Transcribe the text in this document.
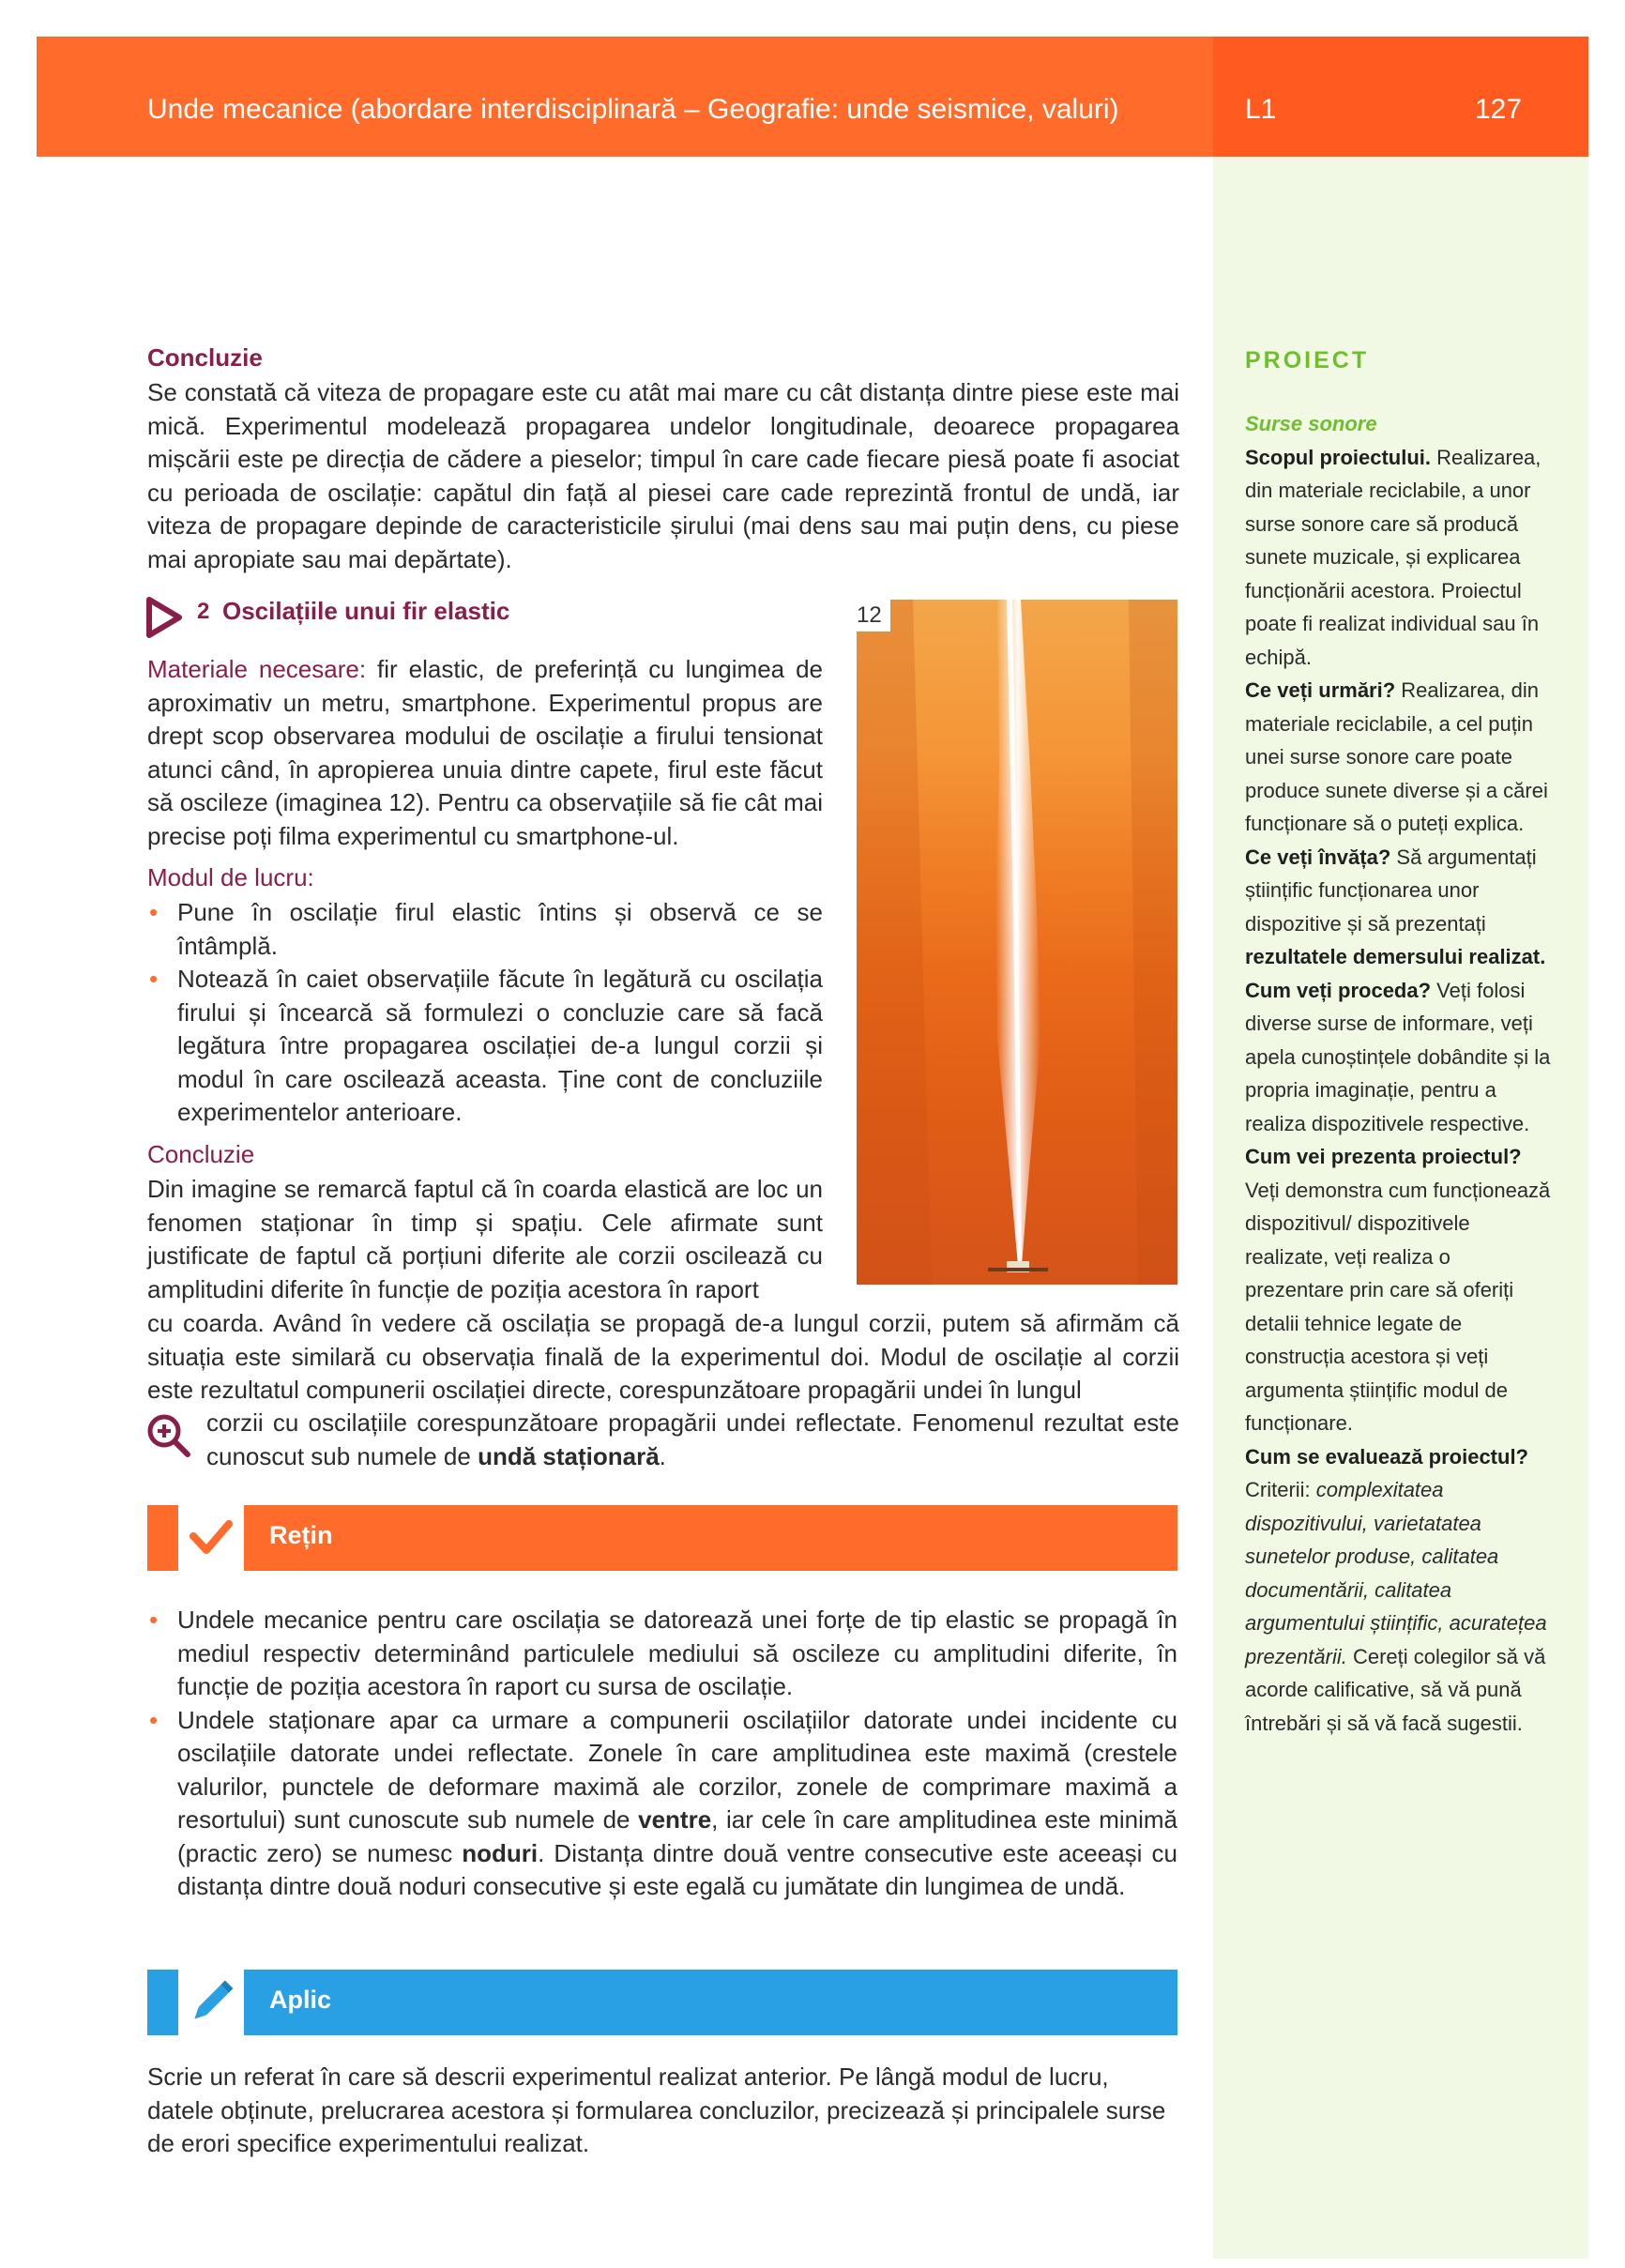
Unde mecanice (abordare interdisciplinară – Geografie: unde seismice, valuri)	L1	127
PROIECT

Surse sonore

Scopul proiectului. Realizarea, din materiale reciclabile, a unor surse sonore care să producă sunete muzicale, și explicarea funcționării acestora. Proiectul poate fi realizat individual sau în echipă.

Ce veți urmări? Realizarea, din materiale reciclabile, a cel puțin unei surse sonore care poate produce sunete diverse și a cărei funcționare să o puteți explica.

Ce veți învăța? Să argumentați științific funcționarea unor dispozitive și să prezentați rezultatele demersului realizat.

Cum veți proceda? Veți folosi diverse surse de informare, veți apela cunoștințele dobândite și la propria imaginație, pentru a realiza dispozitivele respective.

Cum vei prezenta proiectul? Veți demonstra cum funcționează dispozitivul/ dispozitivele realizate, veți realiza o prezentare prin care să oferiți detalii tehnice legate de construcția acestora și veți argumenta științific modul de funcționare.

Cum se evaluează proiectul? Criterii: complexitatea dispozitivului, varietatatea sunetelor produse, calitatea documentării, calitatea argumentului științific, acuratețea prezentării. Cereți colegilor să vă acorde calificative, să vă pună întrebări și să vă facă sugestii.

Concluzie
Se constată că viteza de propagare este cu atât mai mare cu cât distanța dintre piese este mai mică. Experimentul modelează propagarea undelor longitudinale, deoarece propagarea mișcării este pe direcția de cădere a pieselor; timpul în care cade fiecare piesă poate fi asociat cu perioada de oscilație: capătul din față al piesei care cade reprezintă frontul de undă, iar viteza de propagare depinde de caracteristicile șirului (mai dens sau mai puțin dens, cu piese mai apropiate sau mai depărtate).
2 Oscilațiile unui fir elastic
Materiale necesare: fir elastic, de preferință cu lungimea de aproximativ un metru, smartphone. Experimentul propus are drept scop observarea modului de oscilație a firului tensionat atunci când, în apropierea unuia dintre capete, firul este făcut să oscileze (imaginea 12). Pentru ca observațiile să fie cât mai precise poți filma experimentul cu smartphone-ul.
Modul de lucru:
• Pune în oscilație firul elastic întins și observă ce se întâmplă.
• Notează în caiet observațiile făcute în legătură cu oscilația firului și încearcă să formulezi o concluzie care să facă legătura între propagarea oscilației de-a lungul corzii și modul în care oscilează aceasta. Ține cont de concluziile experimentelor anterioare.
Concluzie
Din imagine se remarcă faptul că în coarda elastică are loc un fenomen staționar în timp și spațiu. Cele afirmate sunt justificate de faptul că porțiuni diferite ale corzii oscilează cu amplitudini diferite în funcție de poziția acestora în raport
cu coarda. Având în vedere că oscilația se propagă de-a lungul corzii, putem să afirmăm că situația este similară cu observația finală de la experimentul doi. Modul de oscilație al corzii este rezultatul compunerii oscilației directe, corespunzătoare propagării undei în lungul
corzii cu oscilațiile corespunzătoare propagării undei reflectate. Fenomenul rezultat este cunoscut sub numele de undă staționară.
12
Rețin
• Undele mecanice pentru care oscilația se datorează unei forțe de tip elastic se propagă în mediul respectiv determinând particulele mediului să oscileze cu amplitudini diferite, în funcție de poziția acestora în raport cu sursa de oscilație.
• Undele staționare apar ca urmare a compunerii oscilațiilor datorate undei incidente cu oscilațiile datorate undei reflectate. Zonele în care amplitudinea este maximă (crestele valurilor, punctele de deformare maximă ale corzilor, zonele de comprimare maximă a resortului) sunt cunoscute sub numele de ventre, iar cele în care amplitudinea este minimă (practic zero) se numesc noduri. Distanța dintre două ventre consecutive este aceeași cu distanța dintre două noduri consecutive și este egală cu jumătate din lungimea de undă.
Aplic
Scrie un referat în care să descrii experimentul realizat anterior. Pe lângă modul de lucru, datele obținute, prelucrarea acestora și formularea concluzilor, precizează și principalele surse de erori specifice experimentului realizat.
